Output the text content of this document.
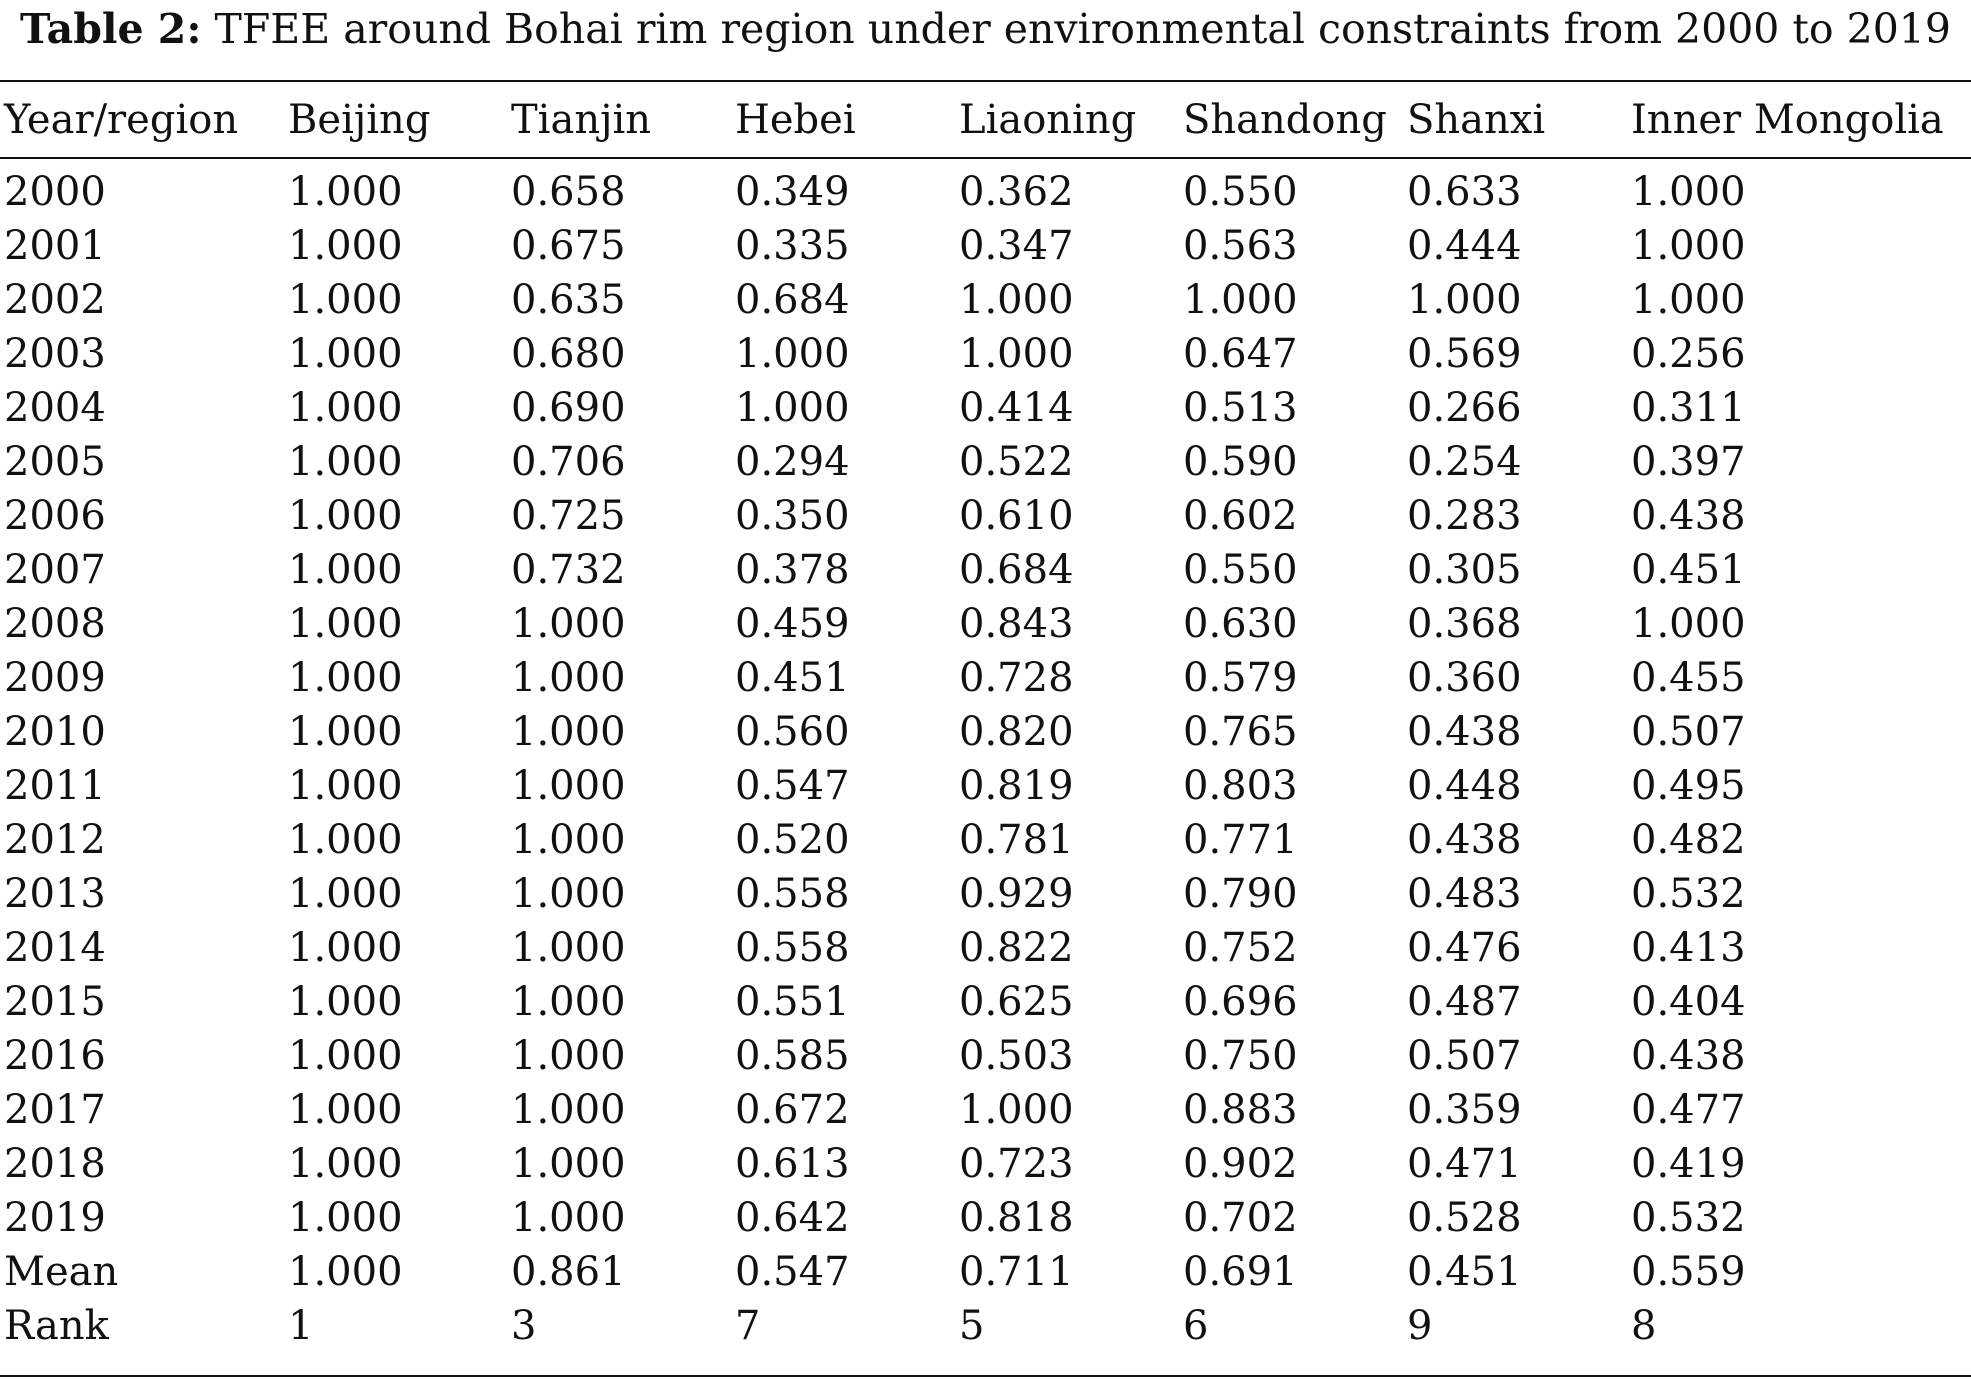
Table 2: TFEE around Bohai rim region under environmental constraints from 2000 to 2019
Year/region	Beijing	Tianjin	Hebei	Liaoning	Shandong	Shanxi	Inner Mongolia
2000	1.000	0.658	0.349	0.362	0.550	0.633	1.000
2001	1.000	0.675	0.335	0.347	0.563	0.444	1.000
2002	1.000	0.635	0.684	1.000	1.000	1.000	1.000
2003	1.000	0.680	1.000	1.000	0.647	0.569	0.256
2004	1.000	0.690	1.000	0.414	0.513	0.266	0.311
2005	1.000	0.706	0.294	0.522	0.590	0.254	0.397
2006	1.000	0.725	0.350	0.610	0.602	0.283	0.438
2007	1.000	0.732	0.378	0.684	0.550	0.305	0.451
2008	1.000	1.000	0.459	0.843	0.630	0.368	1.000
2009	1.000	1.000	0.451	0.728	0.579	0.360	0.455
2010	1.000	1.000	0.560	0.820	0.765	0.438	0.507
2011	1.000	1.000	0.547	0.819	0.803	0.448	0.495
2012	1.000	1.000	0.520	0.781	0.771	0.438	0.482
2013	1.000	1.000	0.558	0.929	0.790	0.483	0.532
2014	1.000	1.000	0.558	0.822	0.752	0.476	0.413
2015	1.000	1.000	0.551	0.625	0.696	0.487	0.404
2016	1.000	1.000	0.585	0.503	0.750	0.507	0.438
2017	1.000	1.000	0.672	1.000	0.883	0.359	0.477
2018	1.000	1.000	0.613	0.723	0.902	0.471	0.419
2019	1.000	1.000	0.642	0.818	0.702	0.528	0.532
Mean	1.000	0.861	0.547	0.711	0.691	0.451	0.559
Rank	1	3	7	5	6	9	8
